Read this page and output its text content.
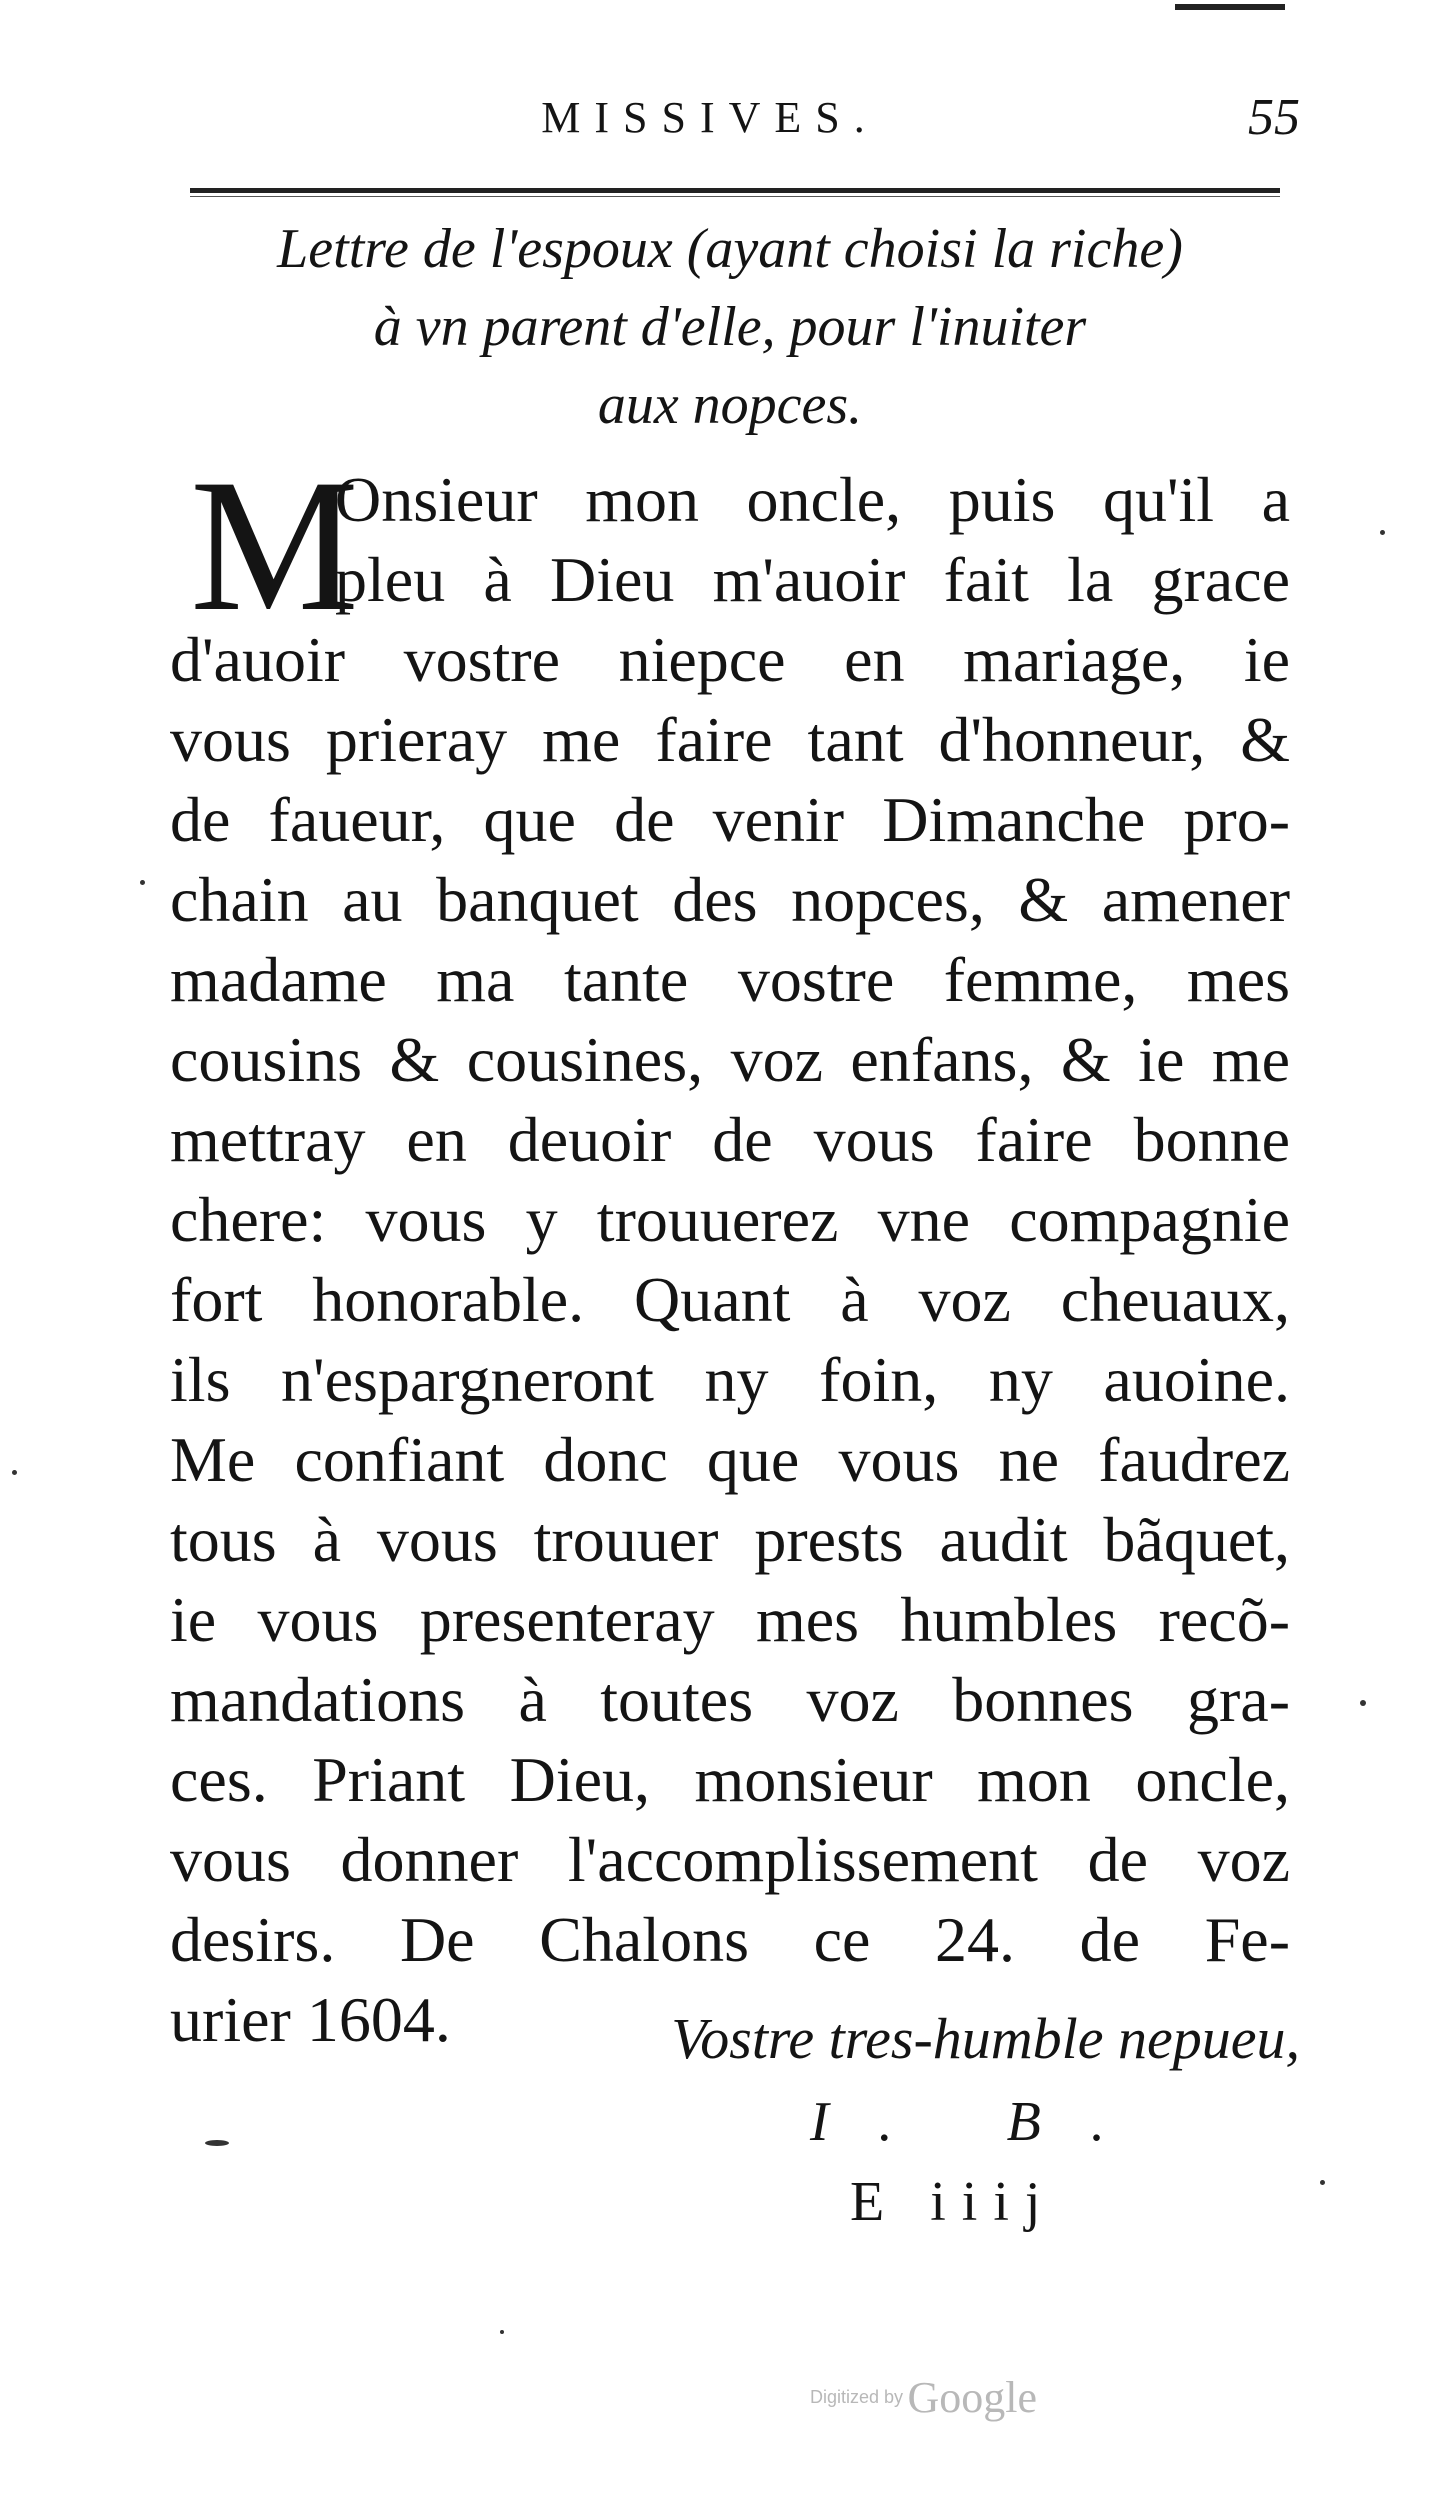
MISSIVES.	55
Lettre de l'espoux (ayant choisi la riche)
à vn parent d'elle, pour l'inuiter
aux nopces.
M
Onsieur mon oncle, puis qu'il a
pleu à Dieu m'auoir fait la grace
d'auoir vostre niepce en mariage, ie
vous prieray me faire tant d'honneur, &
de faueur, que de venir Dimanche pro-
chain au banquet des nopces, & amener
madame ma tante vostre femme, mes
cousins & cousines, voz enfans, & ie me
mettray en deuoir de vous faire bonne
chere: vous y trouuerez vne compagnie
fort honorable. Quant à voz cheuaux,
ils n'espargneront ny foin, ny auoine.
Me confiant donc que vous ne faudrez
tous à vous trouuer prests audit bãquet,
ie vous presenteray mes humbles recõ-
mandations à toutes voz bonnes gra-
ces. Priant Dieu, monsieur mon oncle,
vous donner l'accomplissement de voz
desirs. De Chalons ce 24. de Fe-
urier 1604.	Vostre tres-humble nepueu,
I. B.
E iiij
Digitized by Google
